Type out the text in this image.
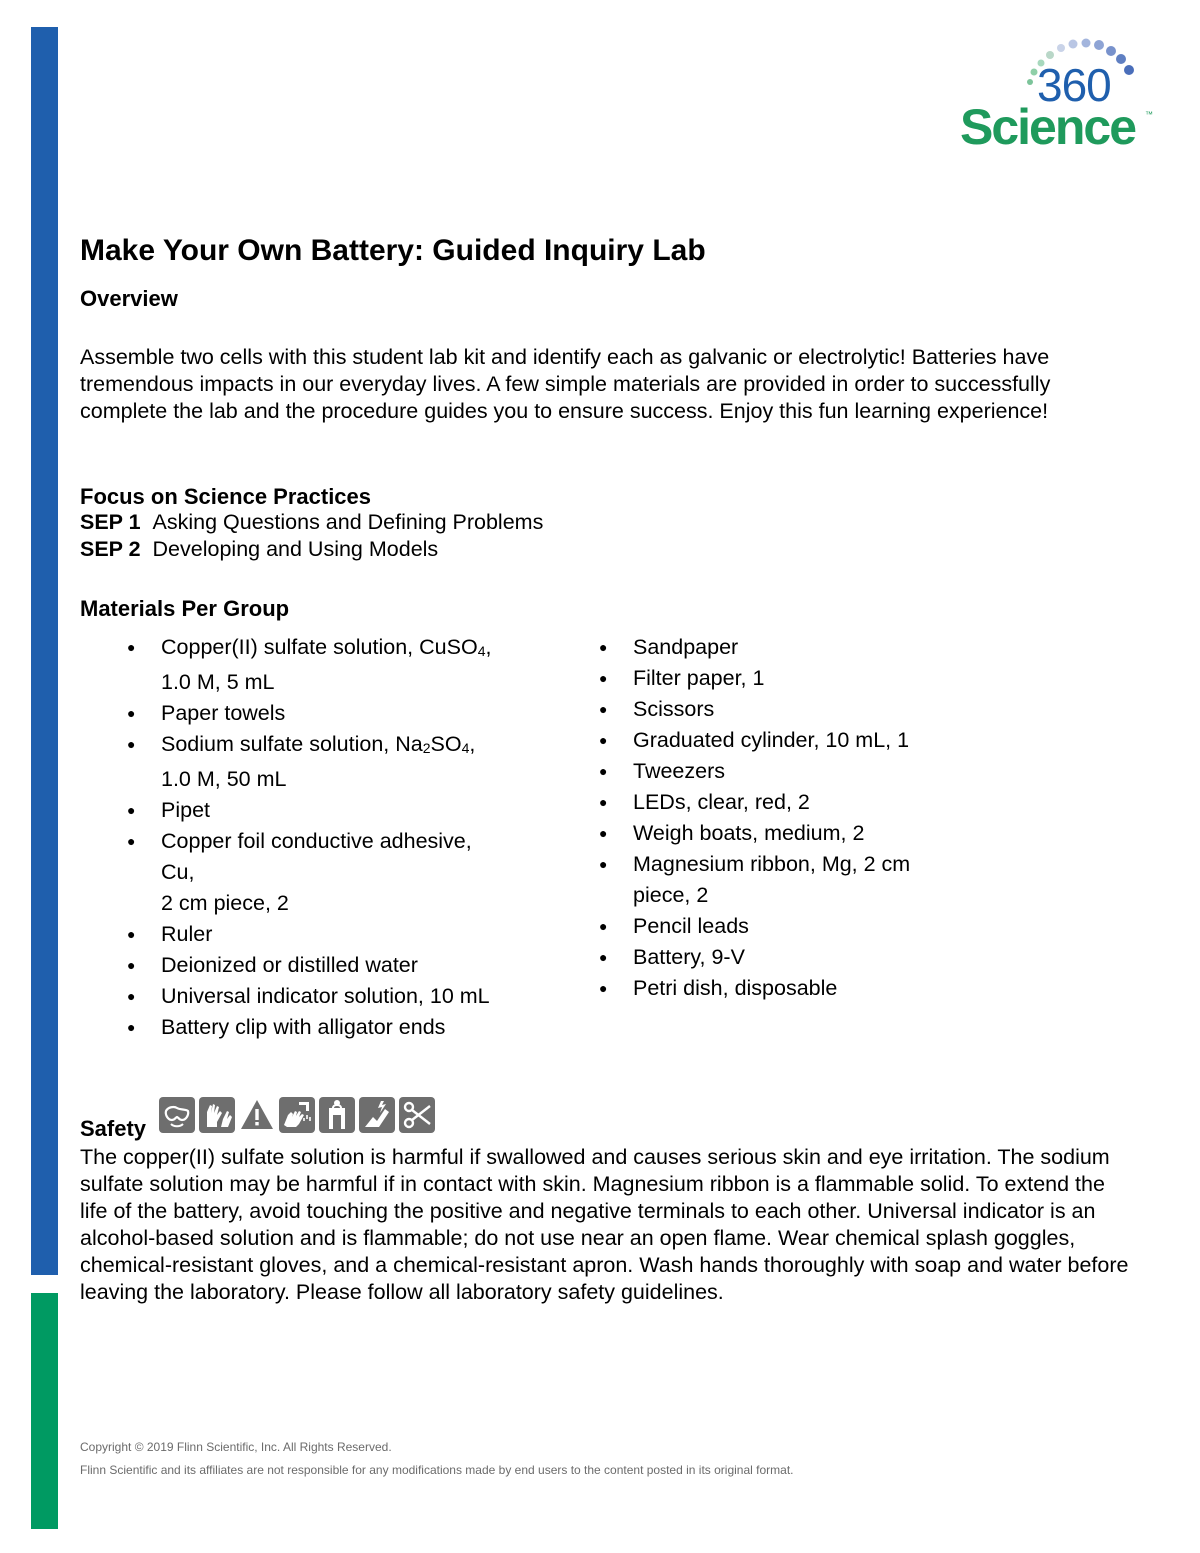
360
Science ™
Make Your Own Battery: Guided Inquiry Lab
Overview

Assemble two cells with this student lab kit and identify each as galvanic or electrolytic! Batteries have tremendous impacts in our everyday lives. A few simple materials are provided in order to successfully complete the lab and the procedure guides you to ensure success. Enjoy this fun learning experience!

Focus on Science Practices
SEP 1 Asking Questions and Defining Problems
SEP 2 Developing and Using Models
Materials Per Group
● Copper(II) sulfate solution, CuSO4,
1.0 M, 5 mL
● Paper towels
● Sodium sulfate solution, Na2SO4,
1.0 M, 50 mL
● Pipet
● Copper foil conductive adhesive,
Cu,
2 cm piece, 2
● Ruler
● Deionized or distilled water
● Universal indicator solution, 10 mL
● Battery clip with alligator ends
● Sandpaper
● Filter paper, 1
● Scissors
● Graduated cylinder, 10 mL, 1
● Tweezers
● LEDs, clear, red, 2
● Weigh boats, medium, 2
● Magnesium ribbon, Mg, 2 cm
piece, 2
● Pencil leads
● Battery, 9-V
● Petri dish, disposable
Safety

The copper(II) sulfate solution is harmful if swallowed and causes serious skin and eye irritation. The sodium sulfate solution may be harmful if in contact with skin. Magnesium ribbon is a flammable solid. To extend the life of the battery, avoid touching the positive and negative terminals to each other. Universal indicator is an alcohol-based solution and is flammable; do not use near an open flame. Wear chemical splash goggles, chemical-resistant gloves, and a chemical-resistant apron. Wash hands thoroughly with soap and water before leaving the laboratory. Please follow all laboratory safety guidelines.

Copyright © 2019 Flinn Scientific, Inc. All Rights Reserved.
Flinn Scientific and its affiliates are not responsible for any modifications made by end users to the content posted in its original format.
